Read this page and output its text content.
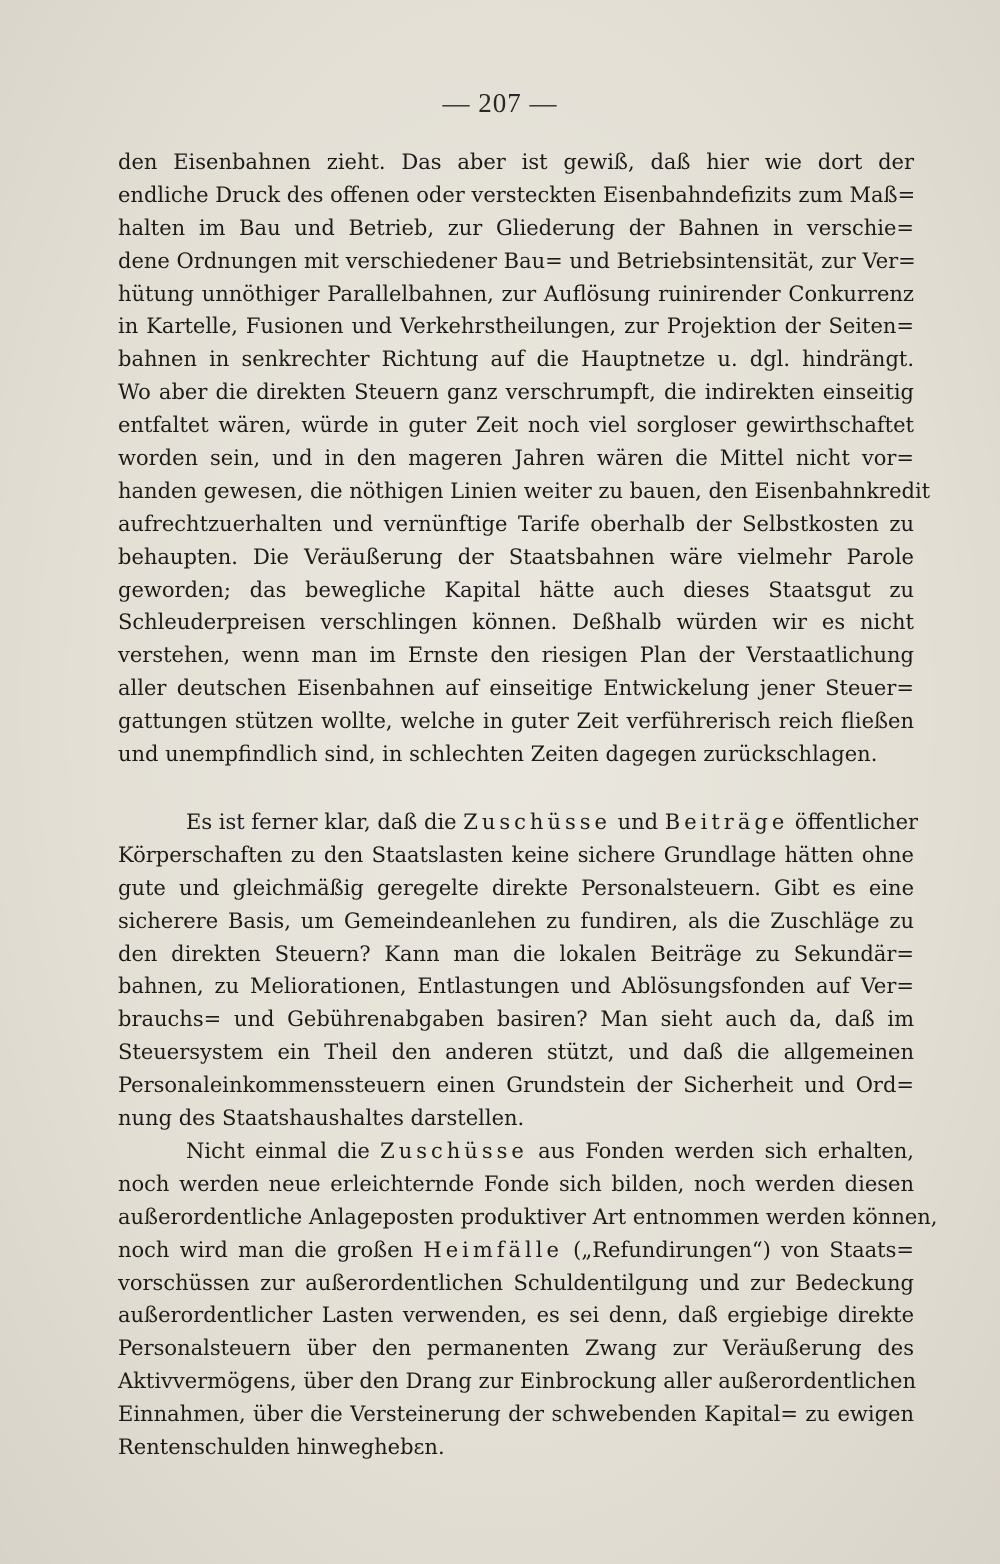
— 207 —
den Eisenbahnen zieht. Das aber ist gewiß, daß hier wie dort der
endliche Druck des offenen oder versteckten Eisenbahndefizits zum Maß=
halten im Bau und Betrieb, zur Gliederung der Bahnen in verschie=
dene Ordnungen mit verschiedener Bau= und Betriebsintensität, zur Ver=
hütung unnöthiger Parallelbahnen, zur Auflösung ruinirender Conkurrenz
in Kartelle, Fusionen und Verkehrstheilungen, zur Projektion der Seiten=
bahnen in senkrechter Richtung auf die Hauptnetze u. dgl. hindrängt.
Wo aber die direkten Steuern ganz verschrumpft, die indirekten einseitig
entfaltet wären, würde in guter Zeit noch viel sorgloser gewirthschaftet
worden sein, und in den mageren Jahren wären die Mittel nicht vor=
handen gewesen, die nöthigen Linien weiter zu bauen, den Eisenbahnkredit
aufrechtzuerhalten und vernünftige Tarife oberhalb der Selbstkosten zu
behaupten. Die Veräußerung der Staatsbahnen wäre vielmehr Parole
geworden; das bewegliche Kapital hätte auch dieses Staatsgut zu
Schleuderpreisen verschlingen können. Deßhalb würden wir es nicht
verstehen, wenn man im Ernste den riesigen Plan der Verstaatlichung
aller deutschen Eisenbahnen auf einseitige Entwickelung jener Steuer=
gattungen stützen wollte, welche in guter Zeit verführerisch reich fließen
und unempfindlich sind, in schlechten Zeiten dagegen zurückschlagen.
Es ist ferner klar, daß die Zuschüsse und Beiträge öffentlicher
Körperschaften zu den Staatslasten keine sichere Grundlage hätten ohne
gute und gleichmäßig geregelte direkte Personalsteuern. Gibt es eine
sicherere Basis, um Gemeindeanlehen zu fundiren, als die Zuschläge zu
den direkten Steuern? Kann man die lokalen Beiträge zu Sekundär=
bahnen, zu Meliorationen, Entlastungen und Ablösungsfonden auf Ver=
brauchs= und Gebührenabgaben basiren? Man sieht auch da, daß im
Steuersystem ein Theil den anderen stützt, und daß die allgemeinen
Personaleinkommenssteuern einen Grundstein der Sicherheit und Ord=
nung des Staatshaushaltes darstellen.
Nicht einmal die Zuschüsse aus Fonden werden sich erhalten,
noch werden neue erleichternde Fonde sich bilden, noch werden diesen
außerordentliche Anlageposten produktiver Art entnommen werden können,
noch wird man die großen Heimfälle („Refundirungen“) von Staats=
vorschüssen zur außerordentlichen Schuldentilgung und zur Bedeckung
außerordentlicher Lasten verwenden, es sei denn, daß ergiebige direkte
Personalsteuern über den permanenten Zwang zur Veräußerung des
Aktivvermögens, über den Drang zur Einbrockung aller außerordentlichen
Einnahmen, über die Versteinerung der schwebenden Kapital= zu ewigen
Rentenschulden hinweghebεn.
